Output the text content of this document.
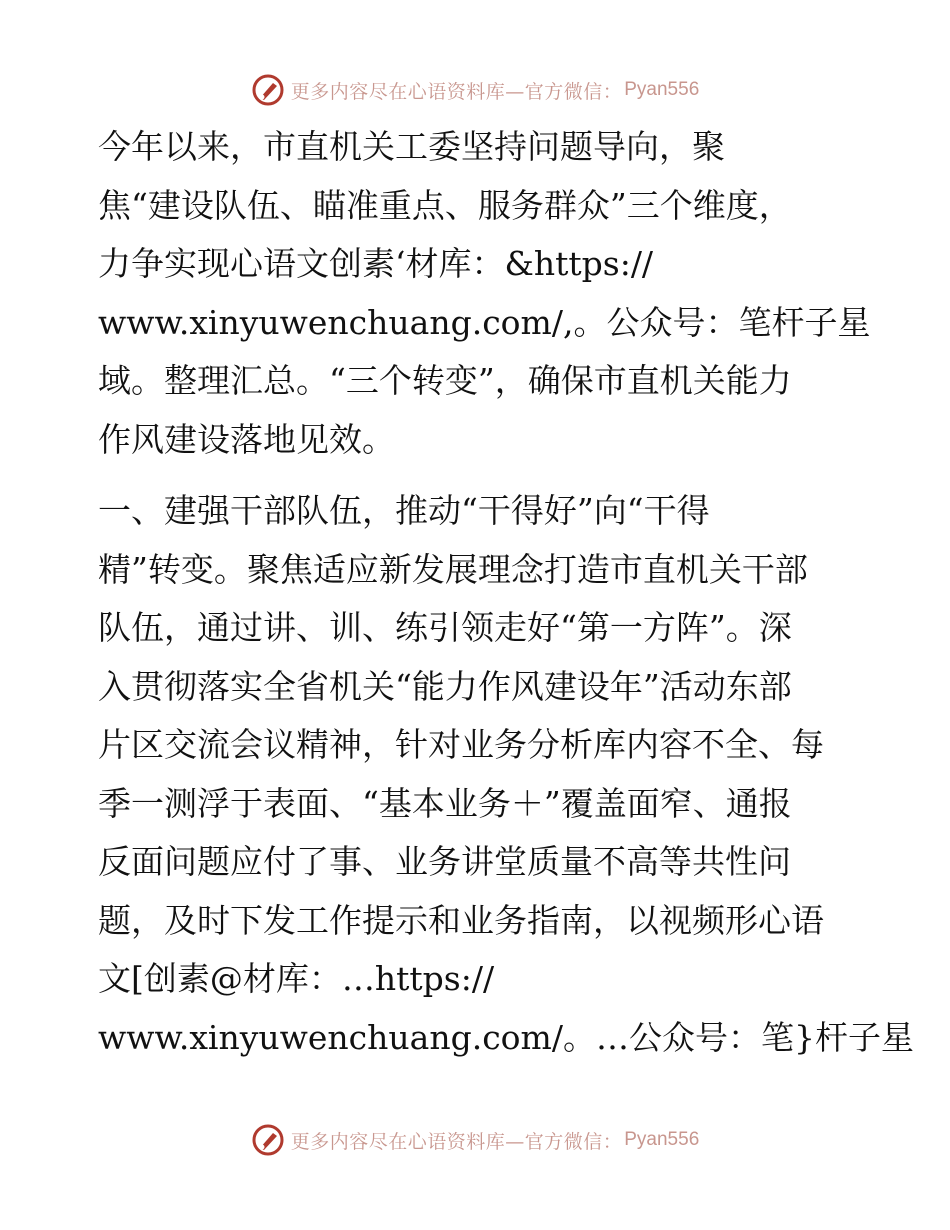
更多内容尽在心语资料库—官方微信： Pyan556
今年以来，市直机关工委坚持问题导向，聚
焦“建设队伍、瞄准重点、服务群众”三个维度，
力争实现心语文创素‘材库：&https://
www.xinyuwenchuang.com/,。公众号：笔杆子星
域。整理汇总。“三个转变”，确保市直机关能力
作风建设落地见效。
一、建强干部队伍，推动“干得好”向“干得
精”转变。聚焦适应新发展理念打造市直机关干部
队伍，通过讲、训、练引领走好“第一方阵”。深
入贯彻落实全省机关“能力作风建设年”活动东部
片区交流会议精神，针对业务分析库内容不全、每
季一测浮于表面、“基本业务＋”覆盖面窄、通报
反面问题应付了事、业务讲堂质量不高等共性问
题，及时下发工作提示和业务指南，以视频形心语
文[创素@材库：…https://
www.xinyuwenchuang.com/。…公众号：笔}杆子星
更多内容尽在心语资料库—官方微信： Pyan556
